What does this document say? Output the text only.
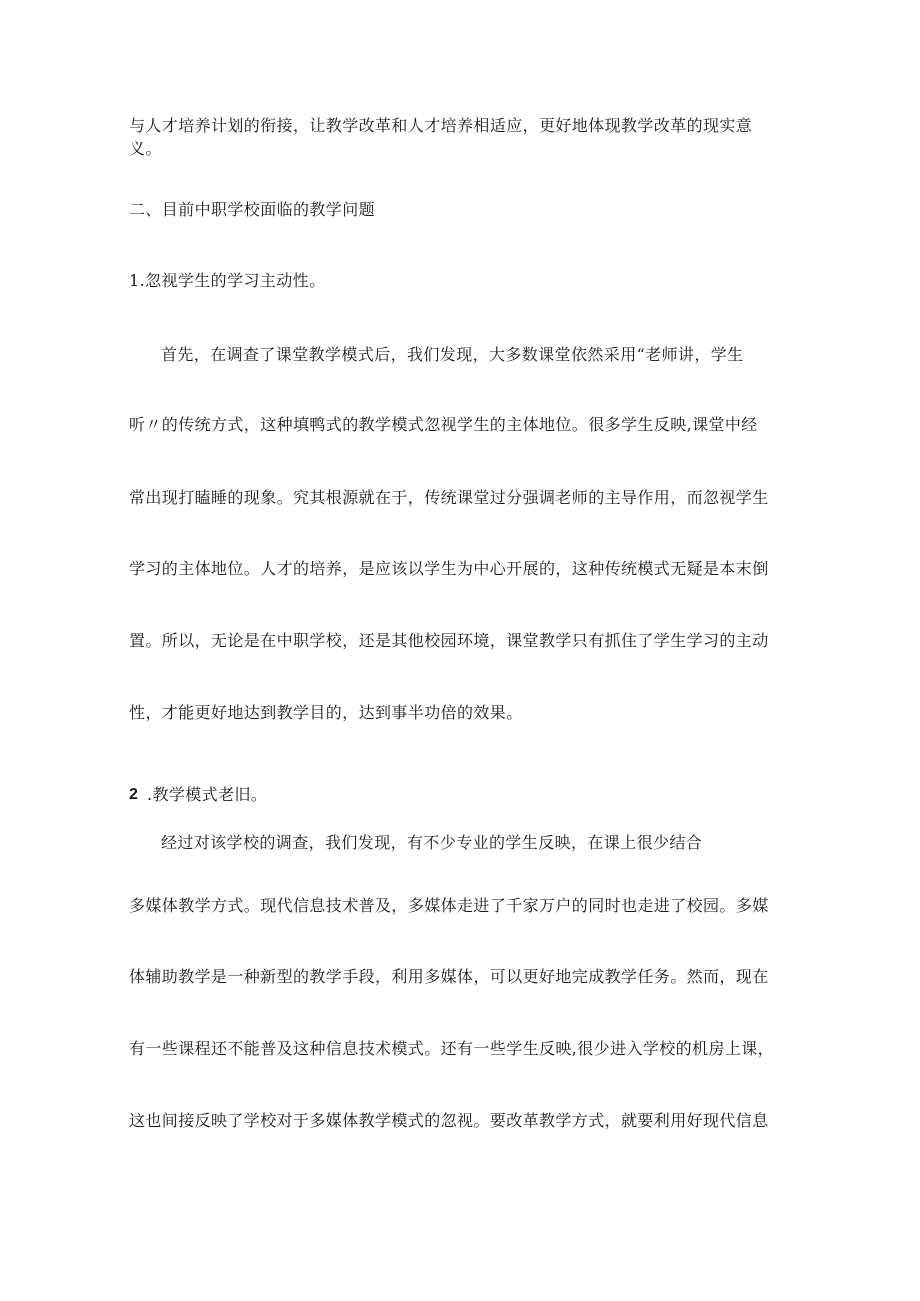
与人才培养计划的衔接，让教学改革和人才培养相适应，更好地体现教学改革的现实意
义。
二、目前中职学校面临的教学问题
1.忽视学生的学习主动性。
首先，在调查了课堂教学模式后，我们发现，大多数课堂依然采用“老师讲，学生
听〃的传统方式，这种填鸭式的教学模式忽视学生的主体地位。很多学生反映,课堂中经
常出现打瞌睡的现象。究其根源就在于，传统课堂过分强调老师的主导作用，而忽视学生
学习的主体地位。人才的培养，是应该以学生为中心开展的，这种传统模式无疑是本末倒
置。所以，无论是在中职学校，还是其他校园环境，课堂教学只有抓住了学生学习的主动
性，才能更好地达到教学目的，达到事半功倍的效果。
2 .教学模式老旧。
经过对该学校的调查，我们发现，有不少专业的学生反映，在课上很少结合
多媒体教学方式。现代信息技术普及，多媒体走进了千家万户的同时也走进了校园。多媒
体辅助教学是一种新型的教学手段，利用多媒体，可以更好地完成教学任务。然而，现在
有一些课程还不能普及这种信息技术模式。还有一些学生反映,很少进入学校的机房上课，
这也间接反映了学校对于多媒体教学模式的忽视。要改革教学方式，就要利用好现代信息
